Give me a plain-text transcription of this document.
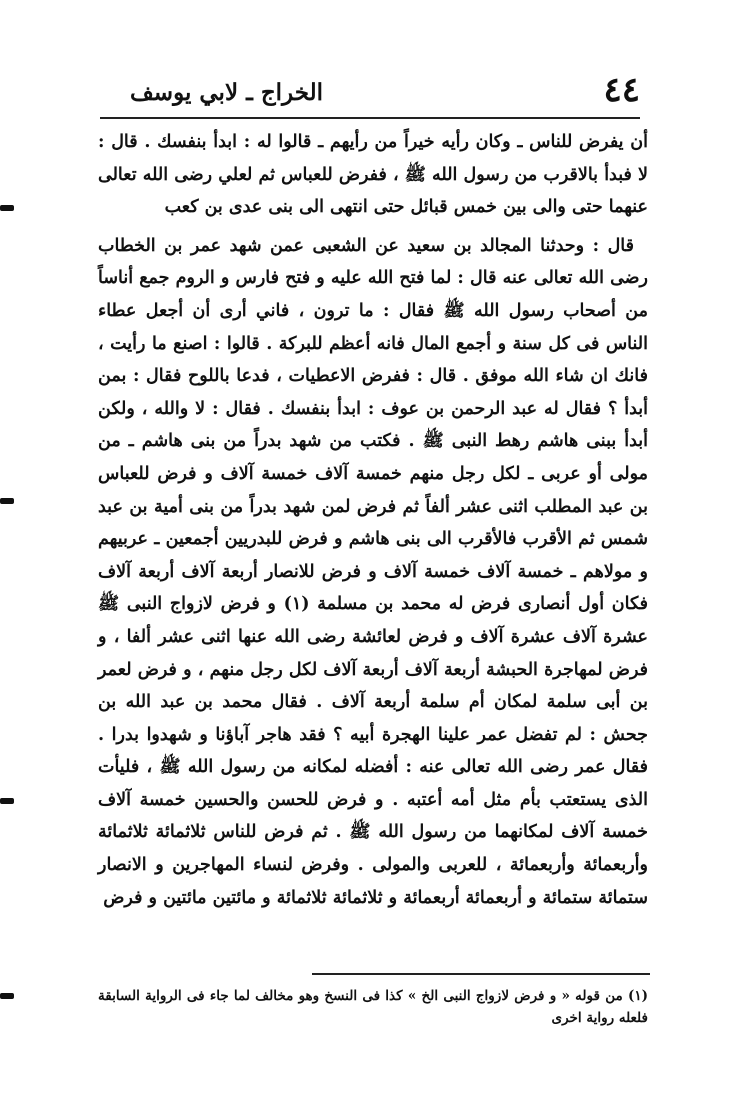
٤٤
الخراج ـ لابي يوسف

أن يفرض للناس ـ وكان رأيه خيراً من رأيهم ـ قالوا له : ابدأ بنفسك . قال : لا فبدأ بالاقرب من رسول الله ﷺ ، ففرض للعباس ثم لعلي رضى الله تعالى عنهما حتى والى بين خمس قبائل حتى انتهى الى بنى عدى بن كعب

قال : وحدثنا المجالد بن سعيد عن الشعبى عمن شهد عمر بن الخطاب رضى الله تعالى عنه قال : لما فتح الله عليه و فتح فارس و الروم جمع أناساً من أصحاب رسول الله ﷺ فقال : ما ترون ، فاني أرى أن أجعل عطاء الناس فى كل سنة و أجمع المال فانه أعظم للبركة . قالوا : اصنع ما رأيت ، فانك ان شاء الله موفق . قال : ففرض الاعطيات ، فدعا باللوح فقال : بمن أبدأ ؟ فقال له عبد الرحمن بن عوف : ابدأ بنفسك . فقال : لا والله ، ولكن أبدأ ببنى هاشم رهط النبى ﷺ . فكتب من شهد بدراً من بنى هاشم ـ من مولى أو عربى ـ لكل رجل منهم خمسة آلاف خمسة آلاف و فرض للعباس بن عبد المطلب اثنى عشر ألفاً ثم فرض لمن شهد بدراً من بنى أمية بن عبد شمس ثم الأقرب فالأقرب الى بنى هاشم و فرض للبدريين أجمعين ـ عربيهم و مولاهم ـ خمسة آلاف خمسة آلاف و فرض للانصار أربعة آلاف أربعة آلاف فكان أول أنصارى فرض له محمد بن مسلمة (١) و فرض لازواج النبى ﷺ عشرة آلاف عشرة آلاف و فرض لعائشة رضى الله عنها اثنى عشر ألفا ، و فرض لمهاجرة الحبشة أربعة آلاف أربعة آلاف لكل رجل منهم ، و فرض لعمر بن أبى سلمة لمكان أم سلمة أربعة آلاف . فقال محمد بن عبد الله بن جحش : لم تفضل عمر علينا الهجرة أبيه ؟ فقد هاجر آباؤنا و شهدوا بدرا . فقال عمر رضى الله تعالى عنه : أفضله لمكانه من رسول الله ﷺ ، فليأت الذى يستعتب بأم مثل أمه أعتبه . و فرض للحسن والحسين خمسة آلاف خمسة آلاف لمكانهما من رسول الله ﷺ . ثم فرض للناس ثلاثمائة ثلاثمائة وأربعمائة وأربعمائة ، للعربى والمولى . وفرض لنساء المهاجرين و الانصار ستمائة ستمائة و أربعمائة أربعمائة و ثلاثمائة ثلاثمائة و مائتين مائتين و فرض

(١) من قوله « و فرض لازواج النبى الخ » كذا فى النسخ وهو مخالف لما جاء فى الرواية السابقة فلعله رواية اخرى
